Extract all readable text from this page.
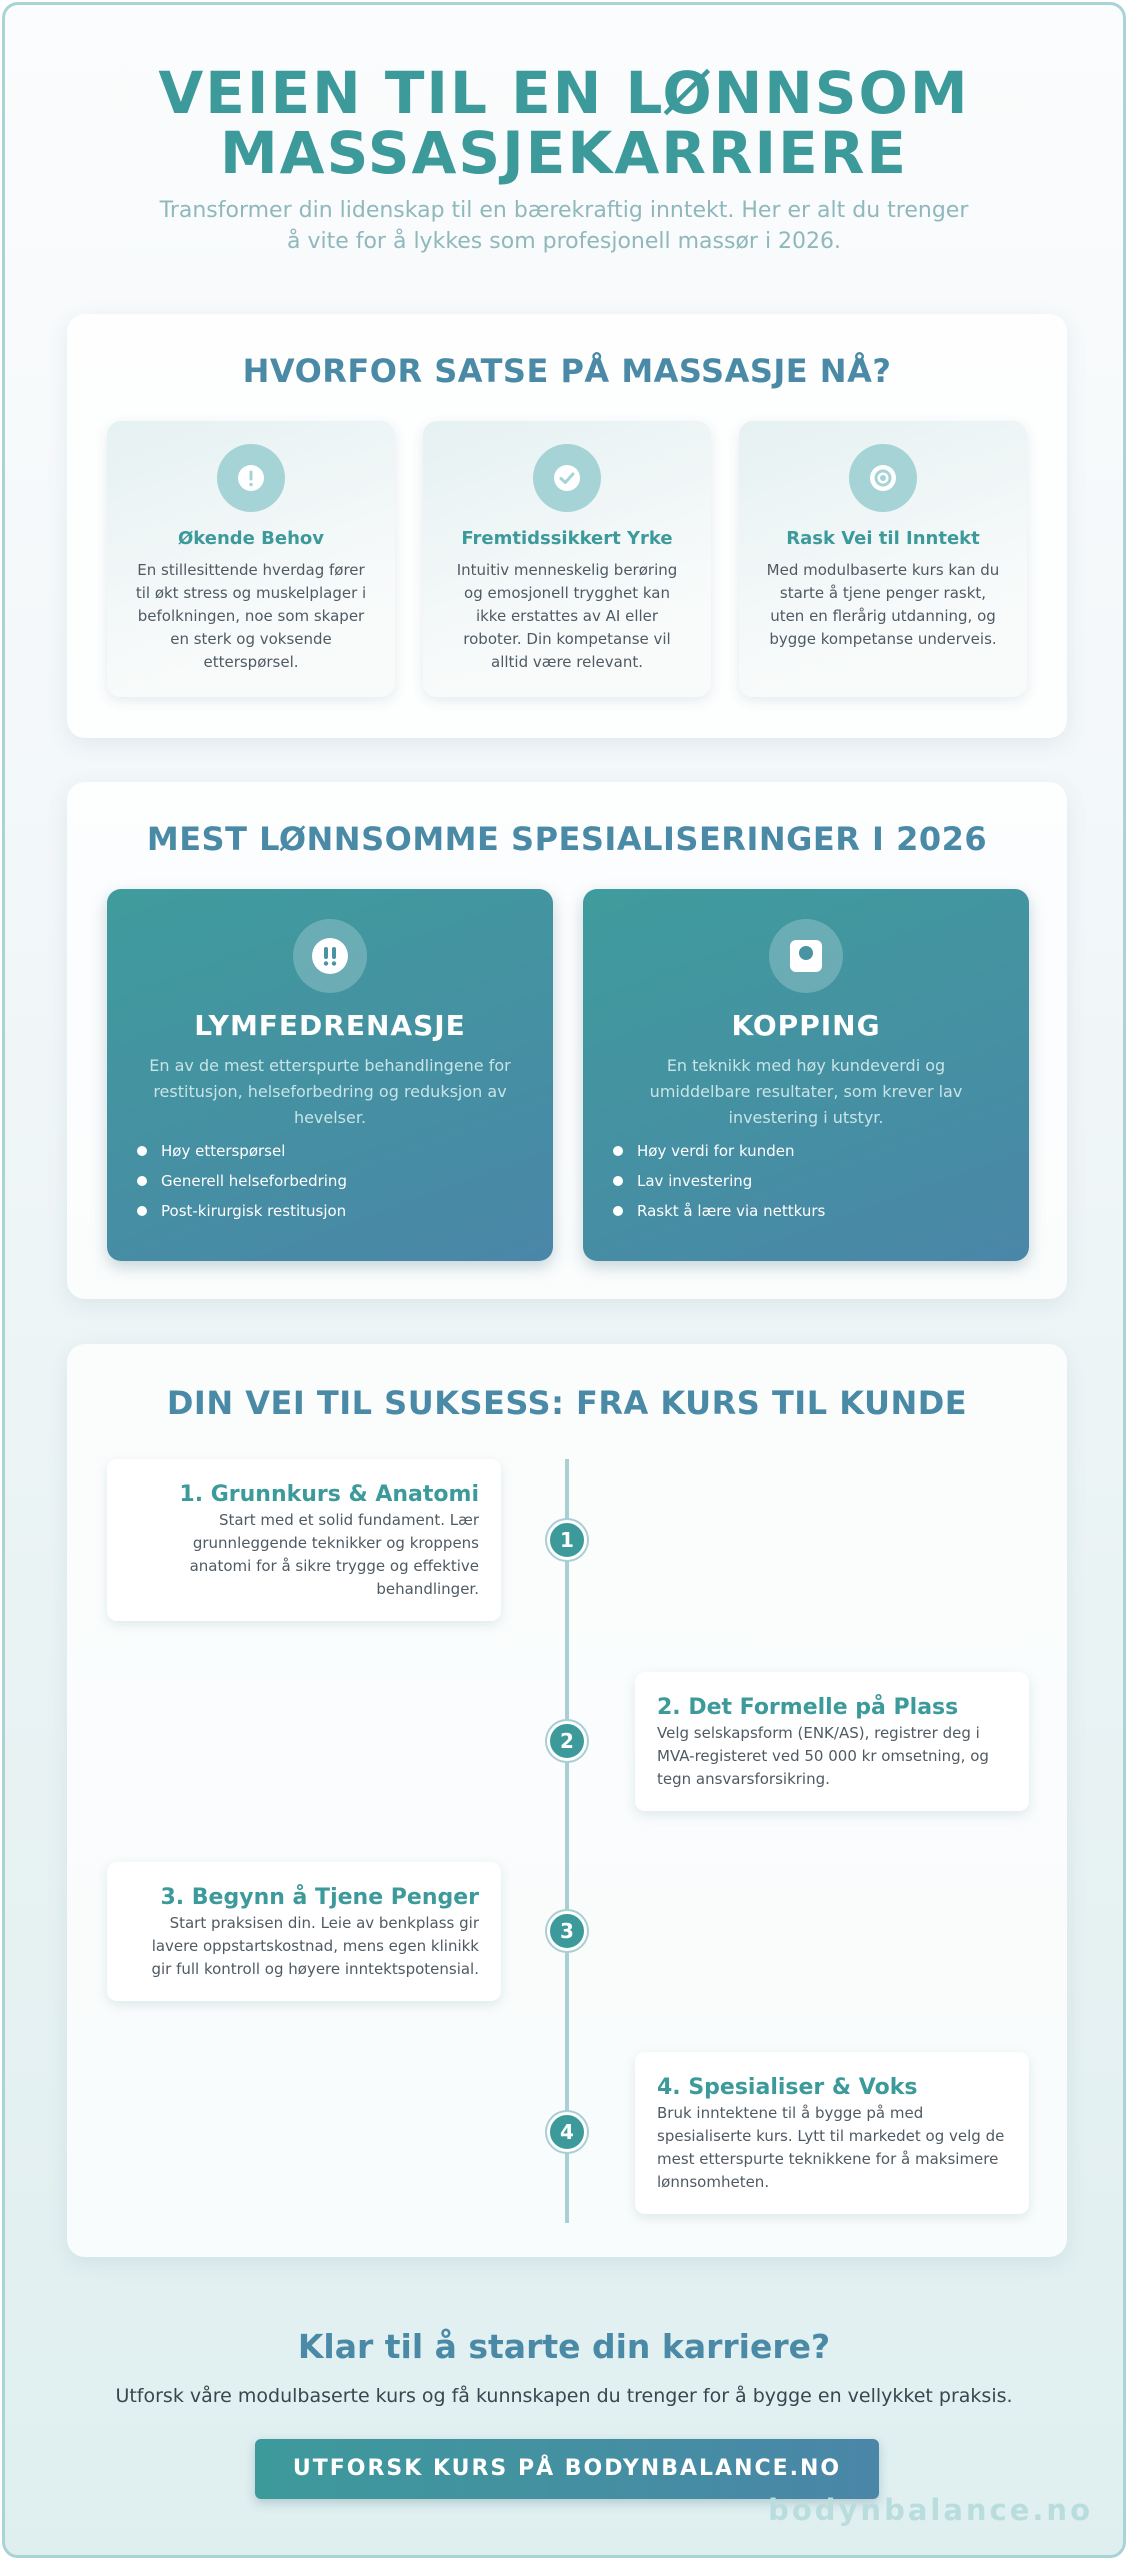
VEIEN TIL EN LØNNSOM
MASSASJEKARRIERE
Transformer din lidenskap til en bærekraftig inntekt. Her er alt du trenger
å vite for å lykkes som profesjonell massør i 2026.
HVORFOR SATSE PÅ MASSASJE NÅ?
Økende Behov
En stillesittende hverdag fører til økt stress og muskelplager i befolkningen, noe som skaper en sterk og voksende etterspørsel.
Fremtidssikkert Yrke
Intuitiv menneskelig berøring og emosjonell trygghet kan ikke erstattes av AI eller roboter. Din kompetanse vil alltid være relevant.
Rask Vei til Inntekt
Med modulbaserte kurs kan du starte å tjene penger raskt, uten en flerårig utdanning, og bygge kompetanse underveis.
MEST LØNNSOMME SPESIALISERINGER I 2026
LYMFEDRENASJE
En av de mest etterspurte behandlingene for restitusjon, helseforbedring og reduksjon av hevelser.
Høy etterspørsel
Generell helseforbedring
Post-kirurgisk restitusjon
KOPPING
En teknikk med høy kundeverdi og umiddelbare resultater, som krever lav investering i utstyr.
Høy verdi for kunden
Lav investering
Raskt å lære via nettkurs
DIN VEI TIL SUKSESS: FRA KURS TIL KUNDE
1. Grunnkurs & Anatomi
Start med et solid fundament. Lær grunnleggende teknikker og kroppens anatomi for å sikre trygge og effektive behandlinger.
1
2. Det Formelle på Plass
Velg selskapsform (ENK/AS), registrer deg i MVA-registeret ved 50 000 kr omsetning, og tegn ansvarsforsikring.
2
3. Begynn å Tjene Penger
Start praksisen din. Leie av benkplass gir lavere oppstartskostnad, mens egen klinikk gir full kontroll og høyere inntektspotensial.
3
4. Spesialiser & Voks
Bruk inntektene til å bygge på med spesialiserte kurs. Lytt til markedet og velg de mest etterspurte teknikkene for å maksimere lønnsomheten.
4
Klar til å starte din karriere?

Utforsk våre modulbaserte kurs og få kunnskapen du trenger for å bygge en vellykket praksis.

UTFORSK KURS PÅ BODYNBALANCE.NO
bodynbalance.no
